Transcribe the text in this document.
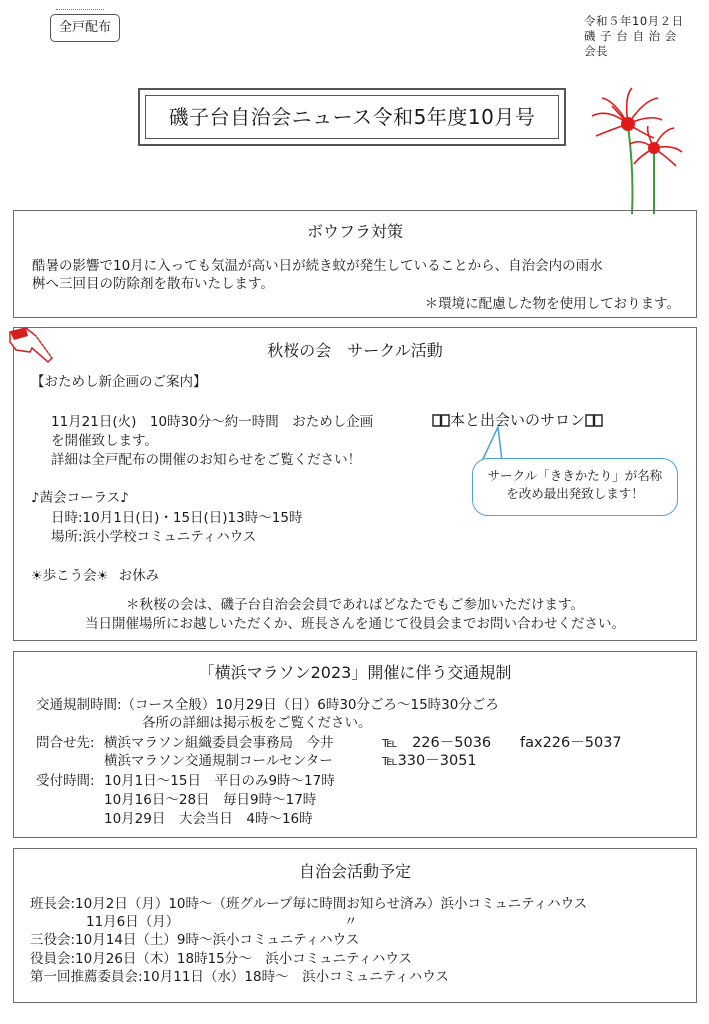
全戸配布	令和５年10月２日
磯 子 台 自 治 会
会長
磯子台自治会ニュース令和5年度10月号
ボウフラ対策
酷暑の影響で10月に入っても気温が高い日が続き蚊が発生していることから、自治会内の雨水
桝へ三回目の防除剤を散布いたします。
＊環境に配慮した物を使用しております。
秋桜の会　サークル活動
【おためし新企画のご案内】
11月21日(火)　10時30分～約一時間　おためし企画
を開催致します。
詳細は全戸配布の開催のお知らせをご覧ください！
本と出会いのサロン
♪茜会コーラス♪
日時:10月1日(日)・15日(日)13時～15時
場所:浜小学校コミュニティハウス
☀歩こう会☀ お休み
＊秋桜の会は、磯子台自治会会員であればどなたでもご参加いただけます。
当日開催場所にお越しいただくか、班長さんを通じて役員会までお問い合わせください。
サークル「ききかたり」が名称
を改め最出発致します！
「横浜マラソン2023」開催に伴う交通規制
交通規制時間:（コース全般）10月29日（日）6時30分ごろ～15時30分ごろ
各所の詳細は掲示板をご覧ください。
問合せ先: 横浜マラソン組織委員会事務局　今井	℡　226－5036 fax226－5037
横浜マラソン交通規制コールセンター	℡330－3051
受付時間: 10月1日～15日　平日のみ9時～17時
10月16日～28日　毎日9時～17時
10月29日　大会当日　4時～16時
自治会活動予定
班長会:10月2日（月）10時～（班グループ毎に時間お知らせ済み）浜小コミュニティハウス
11月6日（月）	〃
三役会:10月14日（土）9時～浜小コミュニティハウス
役員会:10月26日（木）18時15分～　浜小コミュニティハウス
第一回推薦委員会:10月11日（水）18時～　浜小コミュニティハウス
